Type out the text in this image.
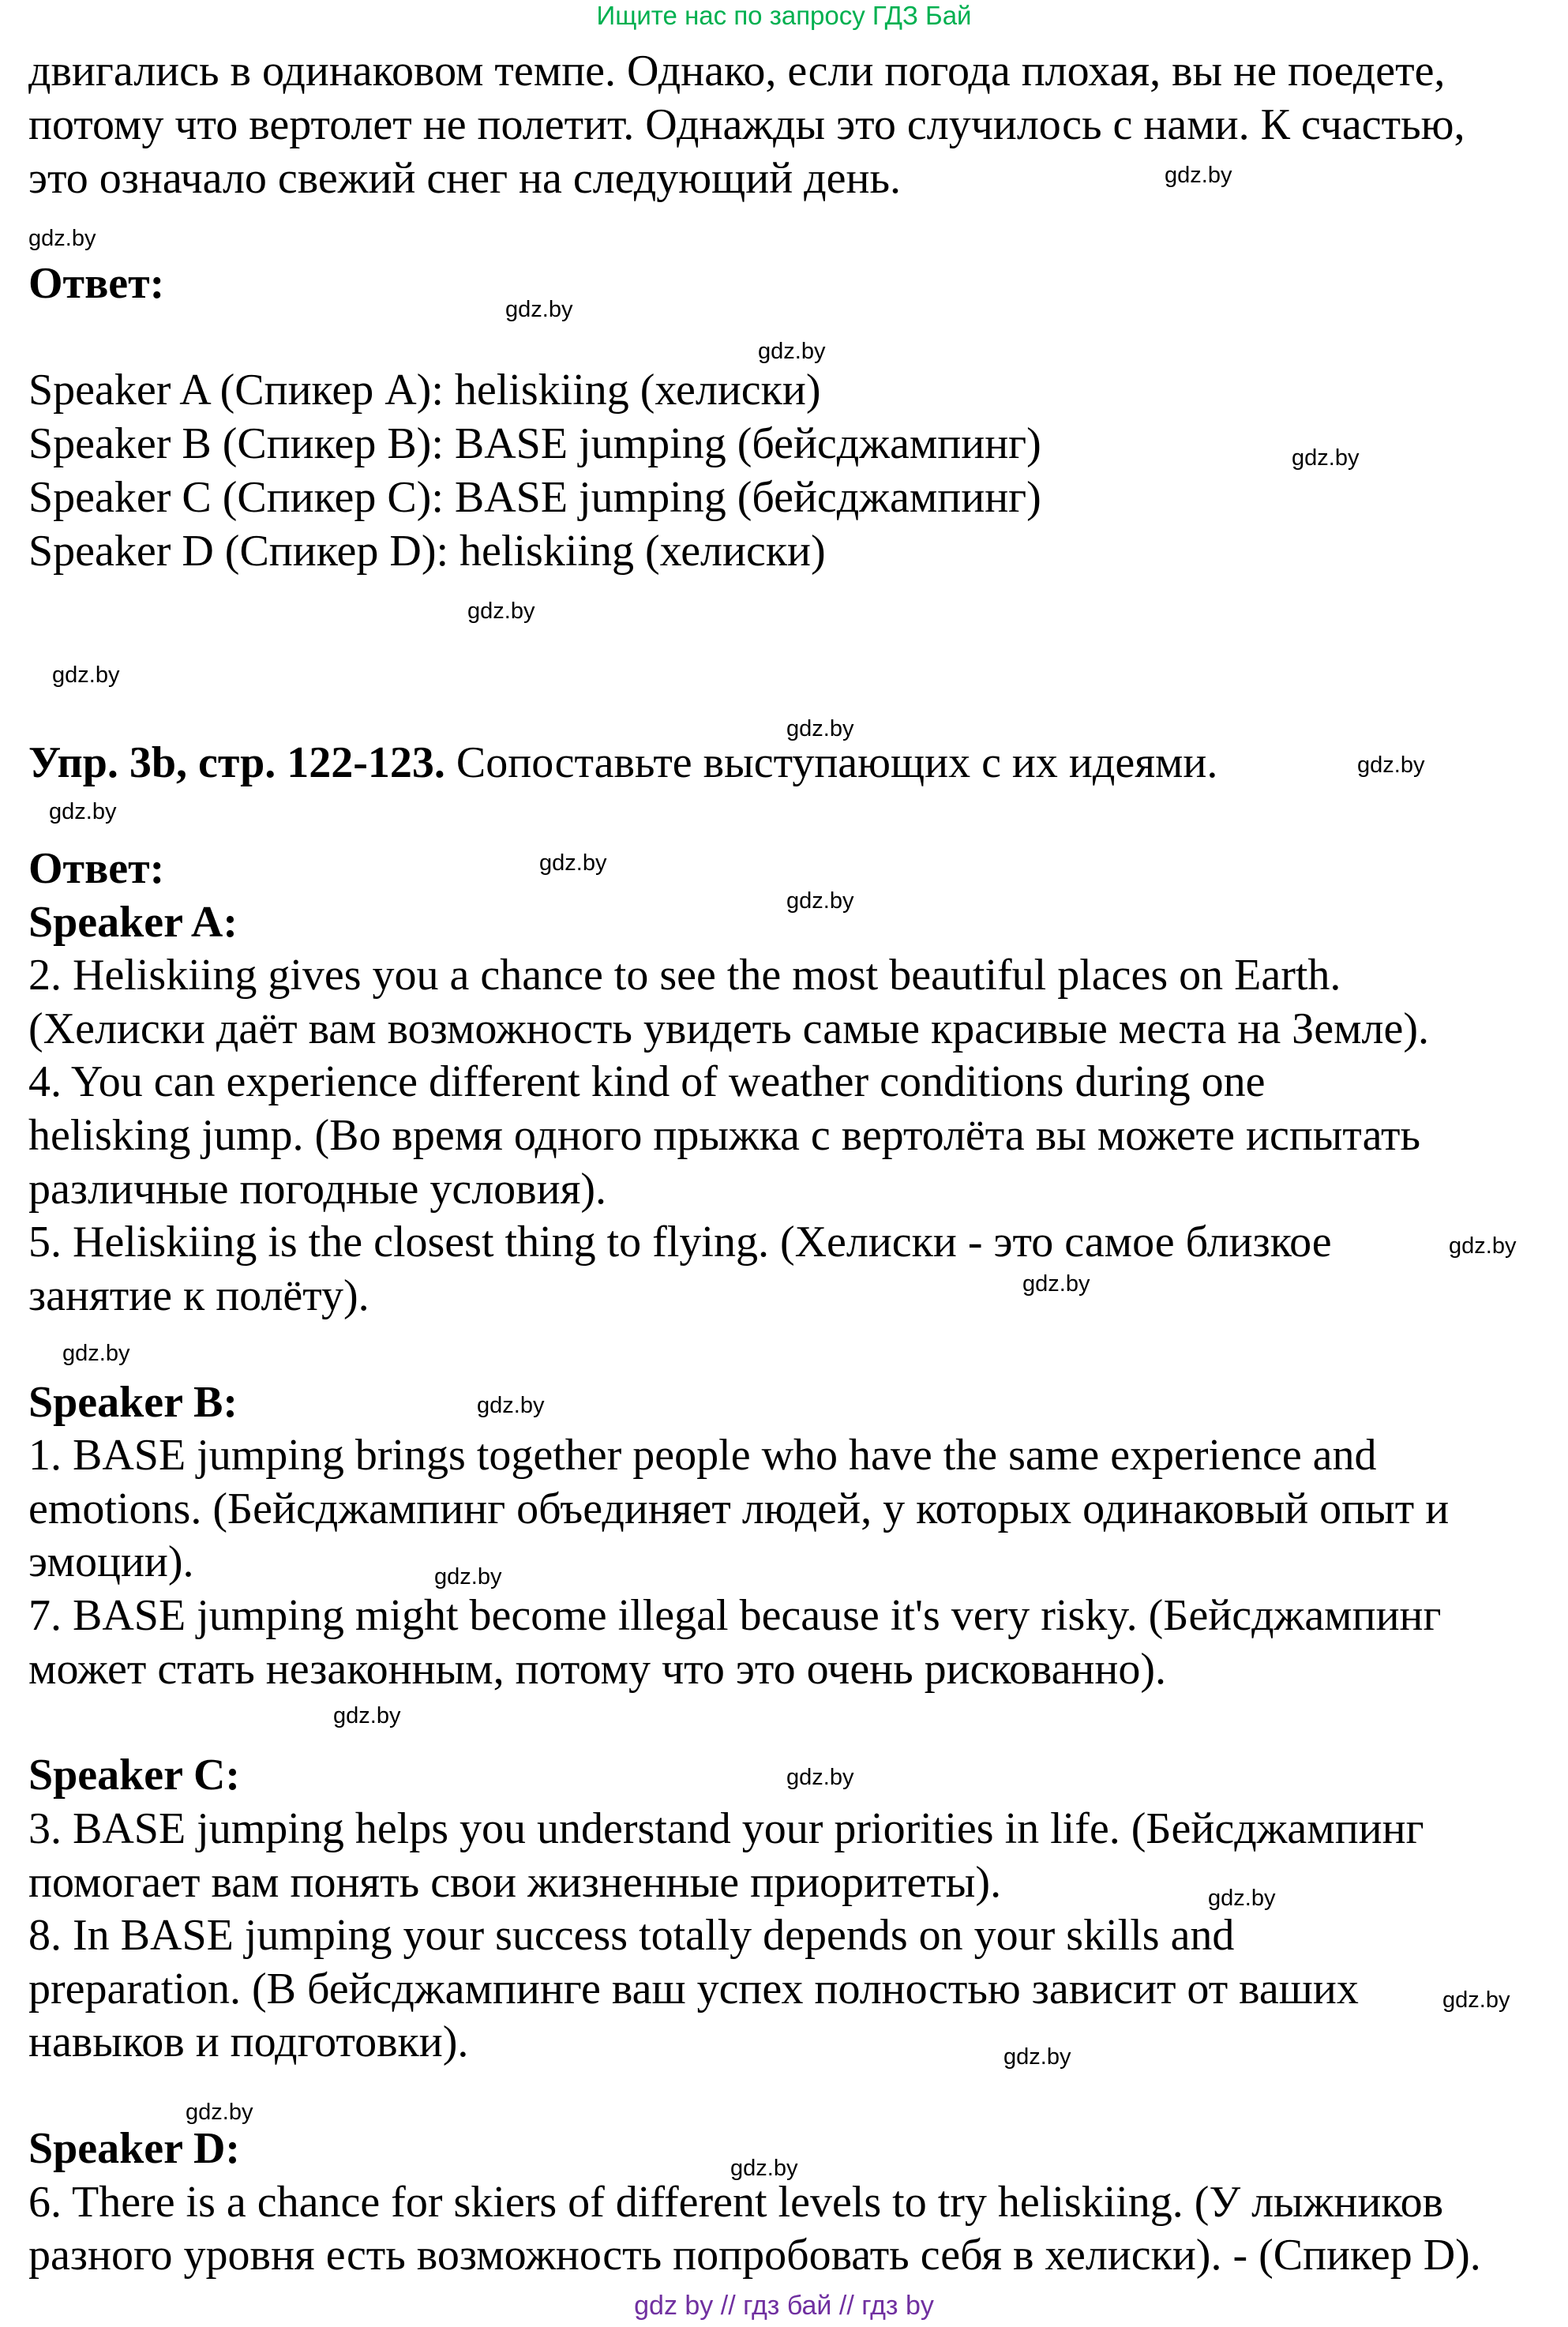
Ищите нас по запросу ГДЗ Бай
двигались в одинаковом темпе. Однако, если погода плохая, вы не поедете,
потому что вертолет не полетит. Однажды это случилось с нами. К счастью,
это означало свежий снег на следующий день.
Ответ:
Speaker A (Спикер A): heliskiing (хелиски)
Speaker B (Спикер B): BASE jumping (бейсджампинг)
Speaker C (Спикер C): BASE jumping (бейсджампинг)
Speaker D (Спикер D): heliskiing (хелиски)
Упр. 3b, стр. 122-123. Сопоставьте выступающих с их идеями.
Ответ:
Speaker A:
2. Heliskiing gives you a chance to see the most beautiful places on Earth.
(Хелиски даёт вам возможность увидеть самые красивые места на Земле).
4. You can experience different kind of weather conditions during one
helisking jump. (Во время одного прыжка с вертолёта вы можете испытать
различные погодные условия).
5. Heliskiing is the closest thing to flying. (Хелиски - это самое близкое
занятие к полёту).
Speaker B:
1. BASE jumping brings together people who have the same experience and
emotions. (Бейсджампинг объединяет людей, у которых одинаковый опыт и
эмоции).
7. BASE jumping might become illegal because it's very risky. (Бейсджампинг
может стать незаконным, потому что это очень рискованно).
Speaker C:
3. BASE jumping helps you understand your priorities in life. (Бейсджампинг
помогает вам понять свои жизненные приоритеты).
8. In BASE jumping your success totally depends on your skills and
preparation. (В бейсджампинге ваш успех полностью зависит от ваших
навыков и подготовки).
Speaker D:
6. There is a chance for skiers of different levels to try heliskiing. (У лыжников
разного уровня есть возможность попробовать себя в хелиски). - (Спикер D).
gdz.by
gdz.by
gdz.by
gdz.by
gdz.by
gdz.by
gdz.by
gdz.by
gdz.by
gdz.by
gdz.by
gdz.by
gdz.by
gdz.by
gdz.by
gdz.by
gdz.by
gdz.by
gdz.by
gdz.by
gdz.by
gdz.by
gdz.by
gdz.by
gdz by // гдз бай // гдз by
